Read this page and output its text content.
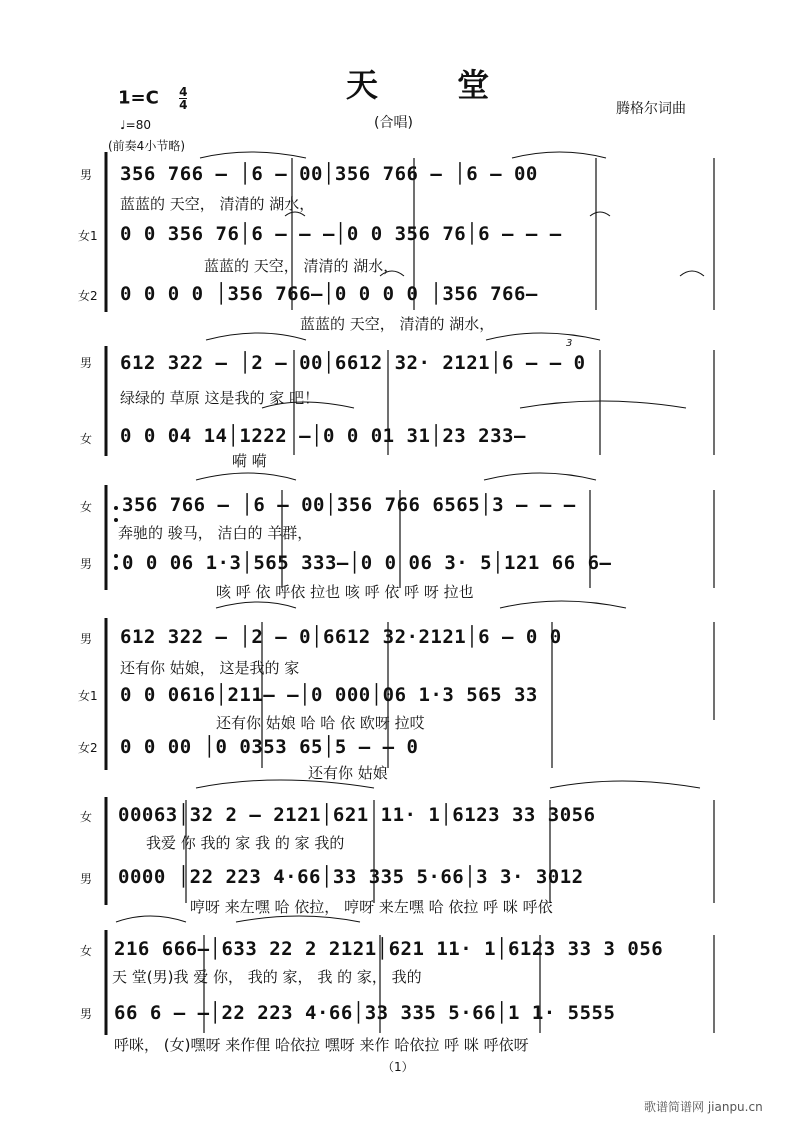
天 堂
$1=C \frac{4}{4}$
♩=80
(前奏4小节略)
(合唱)
腾格尔词曲
3
男 356 766 – │6 – 00│356 766 – │6 – 00
蓝蓝的 天空， 清清的 湖水，
女1 0 0 356 76│6 – – –│0 0 356 76│6 – – –
蓝蓝的 天空， 清清的 湖水，
女2 0 0 0 0 │356 766–│0 0 0 0 │356 766–
蓝蓝的 天空， 清清的 湖水，
男 612 322 – │2 – 00│6612 32· 2121│6 – – 0
绿绿的 草原 这是我的 家 吧！
女 0 0 04 14│1222 –│0 0 01 31│23 233–
嗬 嗬
女 356 766 – │6 – 00│356 766 6565│3 – – –
奔驰的 骏马， 洁白的 羊群，
男 0 0 06 1·3│565 333–│0 0 06 3· 5│121 66 6–
咳 呼 依 呼依 拉也 咳 呼 依 呼 呀 拉也
男 612 322 – │2 — 0│6612 32·2121│6 – 0 0
还有你 姑娘， 这是我的 家
女1 0 0 0616│211– –│0 000│06 1·3 565 33
还有你 姑娘 哈 哈 依 欧呀 拉哎
女2 0 0 00 │0 0353 65│5 – – 0
还有你 姑娘
女 00063│32 2 – 2121│621 11· 1│6123 33 3056
我爱 你 我的 家 我 的 家 我的
男 0000 │22 223 4·66│33 335 5·66│3 3· 3012
哼呀 来左嘿 哈 依拉， 哼呀 来左嘿 哈 依拉 呼 咪 呼依
女 216 666–│633 22 2 2121│621 11· 1│6123 33 3 056
天 堂(男)我 爱 你， 我的 家， 我 的 家， 我的
男 66 6 – –│22 223 4·66│33 335 5·66│1 1· 5555
呼咪， (女)嘿呀 来作俚 哈依拉 嘿呀 来作 哈依拉 呼 咪 呼依呀
（1）
歌谱简谱网 jianpu.cn
